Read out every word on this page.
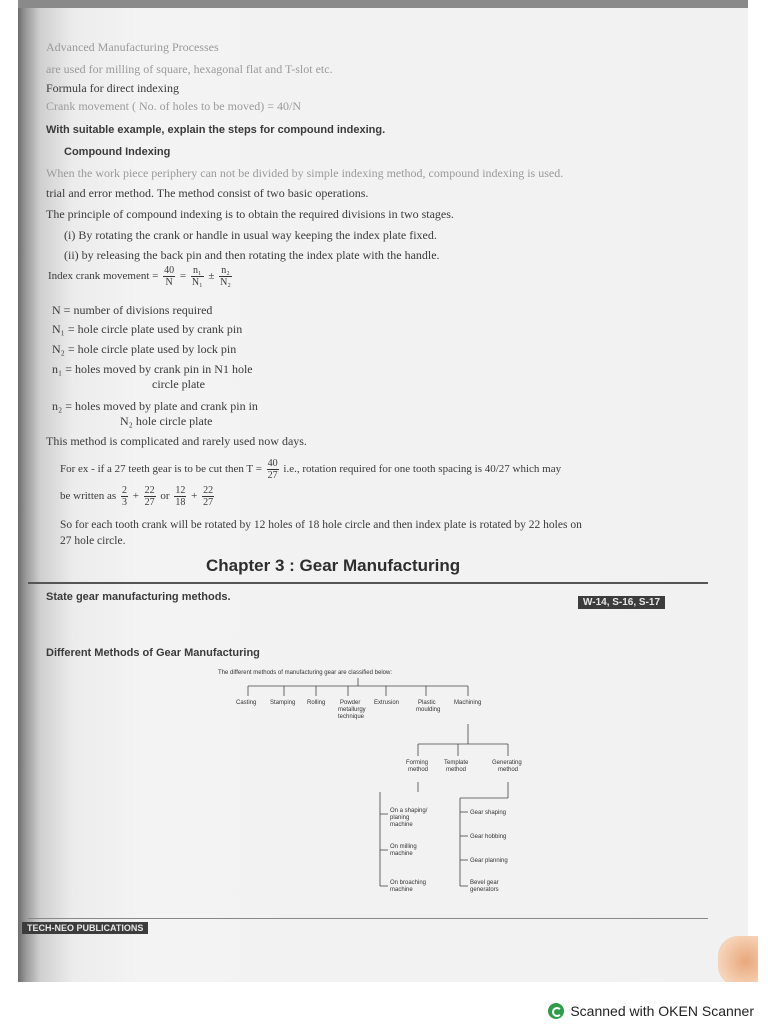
Advanced Manufacturing Processes
are used for milling of square, hexagonal flat and T-slot etc.
Formula for direct indexing
Crank movement ( No. of holes to be moved) = 40/N
With suitable example, explain the steps for compound indexing.
Compound Indexing
When the work piece periphery can not be divided by simple indexing method, compound indexing is used.
trial and error method. The method consist of two basic operations.
The principle of compound indexing is to obtain the required divisions in two stages.
(i) By rotating the crank or handle in usual way keeping the index plate fixed.
(ii) by releasing the back pin and then rotating the index plate with the handle.
Index crank movement = $\frac{40}{N} = \frac{\text{n₁}}{\text{N₁}} \pm \frac{\text{n₂}}{\text{N₂}}$
N = number of divisions required
N₁ = hole circle plate used by crank pin
N₂ = hole circle plate used by lock pin
n₁ = holes moved by crank pin in N1 hole
circle plate
n₂ = holes moved by plate and crank pin in
N₂ hole circle plate
This method is complicated and rarely used now days.
For ex - if a 27 teeth gear is to be cut then $T = \frac{40}{27} i.e$., rotation required for one tooth spacing is 40/27 which may
be written as $\frac{2}{3} + \frac{22}{27}$ or $\frac{12}{18} + \frac{22}{27}$
So for each tooth crank will be rotated by 12 holes of 18 hole circle and then index plate is rotated by 22 holes on
27 hole circle.
Chapter 3 : Gear Manufacturing
State gear manufacturing methods.	W-14, S-16, S-17
Different Methods of Gear Manufacturing
The different methods of manufacturing gear are classified below:
Casting Stamping Rolling Powder
metallurgy
technique
Extrusion	Plastic
moulding
Machining
Forming
method
Template
method
Generating
method
On a shaping/
planing
machine
On milling
machine
On broaching
machine
Gear shaping
Gear hobbing
Gear planning
Bevel gear
generators
TECH-NEO PUBLICATIONS
Scanned with OKEN Scanner
